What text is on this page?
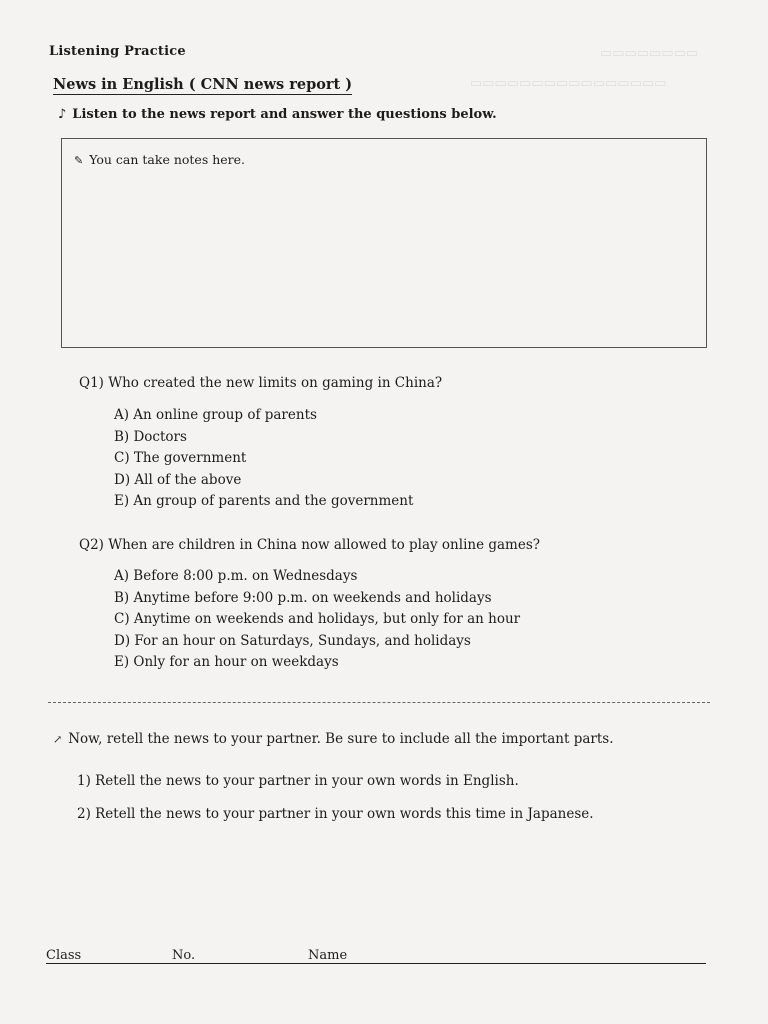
▭▭▭▭▭▭▭▭
▭▭▭▭▭▭▭▭▭▭▭▭▭▭▭▭
Listening Practice
News in English ( CNN news report )
♪ Listen to the news report and answer the questions below.
✎ You can take notes here.
Q1) Who created the new limits on gaming in China?
A) An online group of parents
B) Doctors
C) The government
D) All of the above
E) An group of parents and the government
Q2) When are children in China now allowed to play online games?
A) Before 8:00 p.m. on Wednesdays
B) Anytime before 9:00 p.m. on weekends and holidays
C) Anytime on weekends and holidays, but only for an hour
D) For an hour on Saturdays, Sundays, and holidays
E) Only for an hour on weekdays
↗ Now, retell the news to your partner. Be sure to include all the important parts.
1) Retell the news to your partner in your own words in English.
2) Retell the news to your partner in your own words this time in Japanese.
Class	No.	Name
